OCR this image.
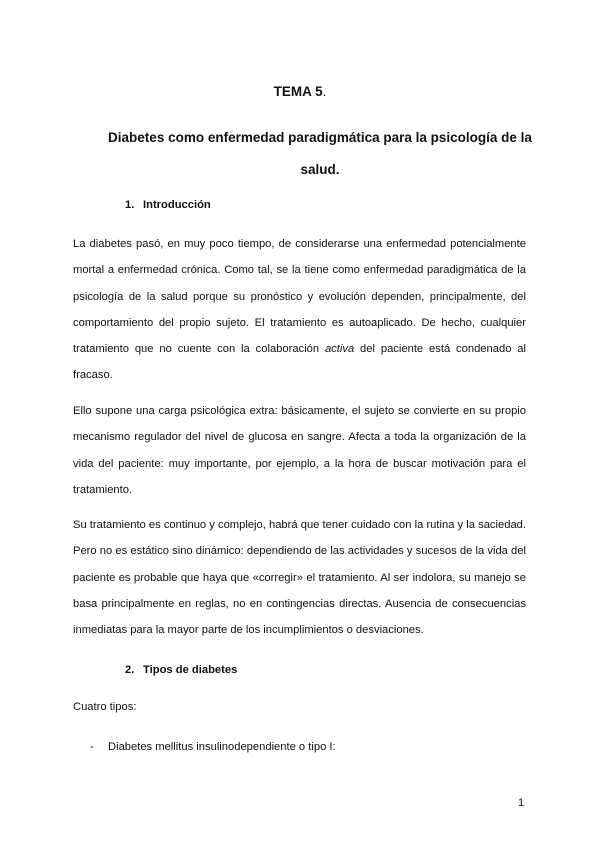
TEMA 5.
Diabetes como enfermedad paradigmática para la psicología de la salud.
1. Introducción

La diabetes pasó, en muy poco tiempo, de considerarse una enfermedad potencialmente mortal a enfermedad crónica. Como tal, se la tiene como enfermedad paradigmática de la psicología de la salud porque su pronóstico y evolución dependen, principalmente, del comportamiento del propio sujeto. El tratamiento es autoaplicado. De hecho, cualquier tratamiento que no cuente con la colaboración activa del paciente está condenado al fracaso.

Ello supone una carga psicológica extra: básicamente, el sujeto se convierte en su propio mecanismo regulador del nivel de glucosa en sangre. Afecta a toda la organización de la vida del paciente: muy importante, por ejemplo, a la hora de buscar motivación para el tratamiento.

Su tratamiento es continuo y complejo, habrá que tener cuidado con la rutina y la saciedad. Pero no es estático sino dinámico: dependiendo de las actividades y sucesos de la vida del paciente es probable que haya que «corregir» el tratamiento. Al ser indolora, su manejo se basa principalmente en reglas, no en contingencias directas. Ausencia de consecuencias inmediatas para la mayor parte de los incumplimientos o desviaciones.

2. Tipos de diabetes
Cuatro tipos:
- Diabetes mellitus insulinodependiente o tipo I:
1
